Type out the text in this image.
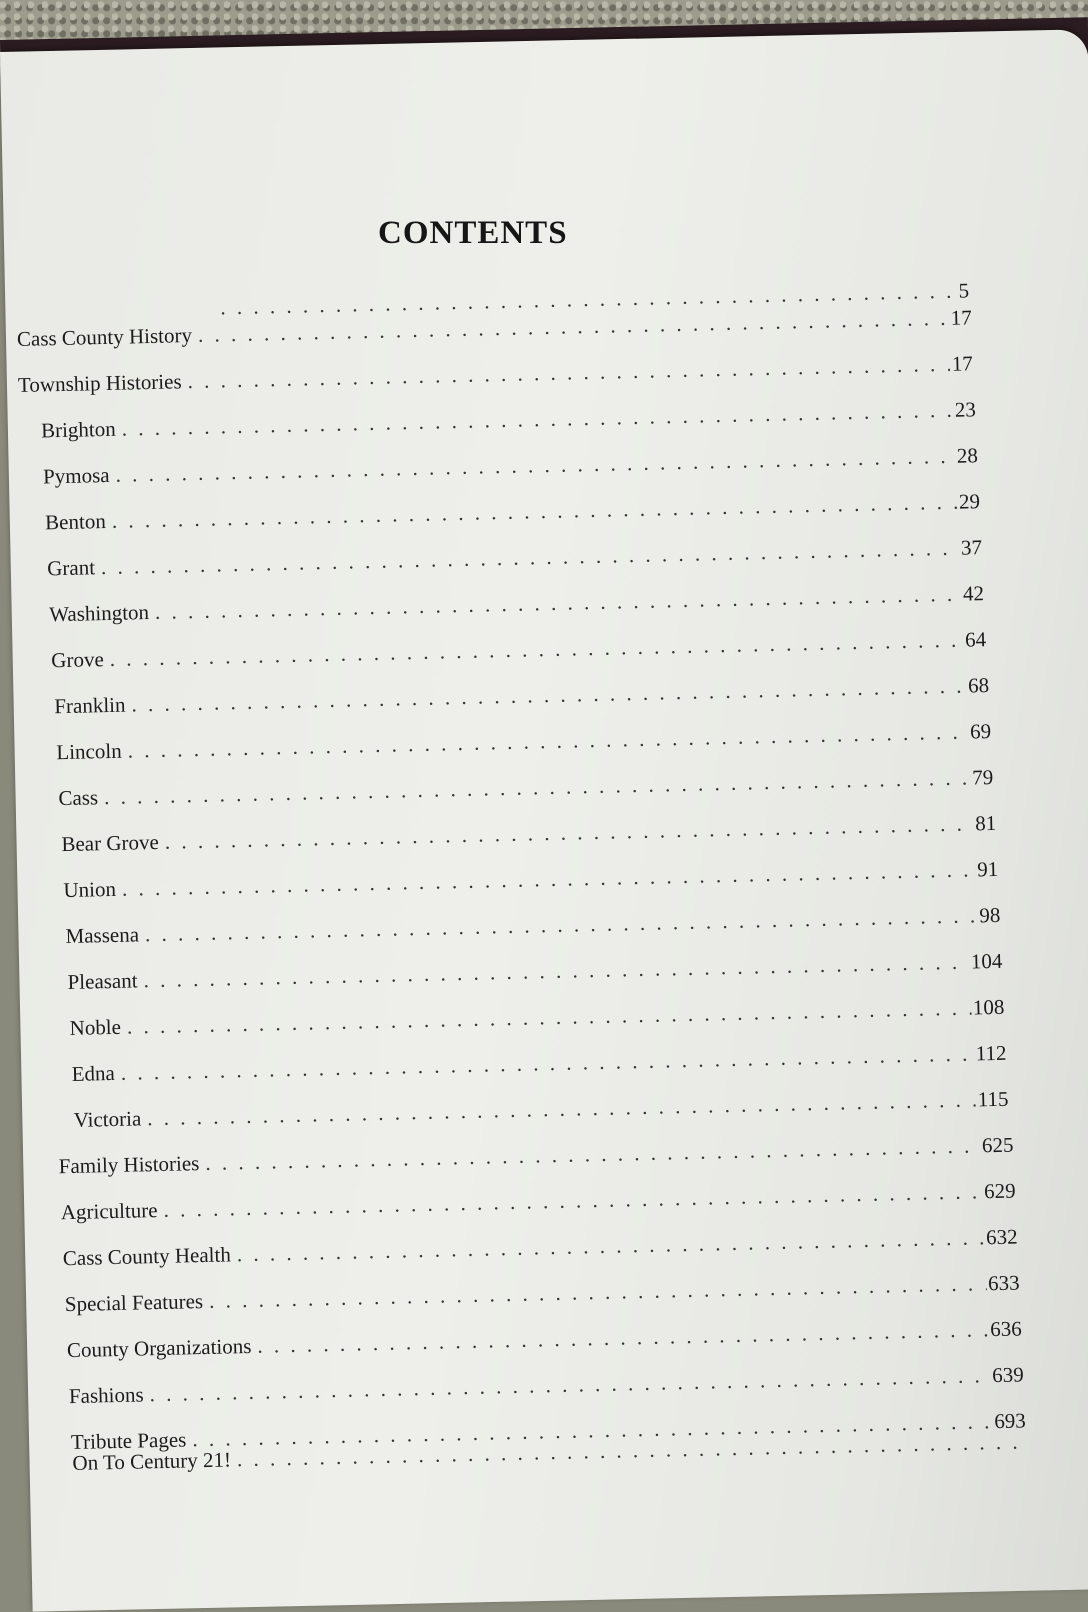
CONTENTS
. . .
5
Cass County History
. . .
17
Township Histories
. . .
17
Brighton
. . .
23
Pymosa
. . .
28
Benton
. . .
29
Grant
. . .
37
Washington
. . .
42
Grove
. . .
64
Franklin
. . .
68
Lincoln
. . .
69
Cass
. . .
79
Bear Grove
. . .
81
Union
. . .
91
Massena
. . .
98
Pleasant
. . .
104
Noble
. . .
108
Edna
. . .
112
Victoria
. . .
115
Family Histories
. . .
625
Agriculture
. . .
629
Cass County Health
. . .
632
Special Features
. . .
633
County Organizations
. . .
636
Fashions
. . .
639
Tribute Pages
. . .
693
On To Century 21!
. . .
